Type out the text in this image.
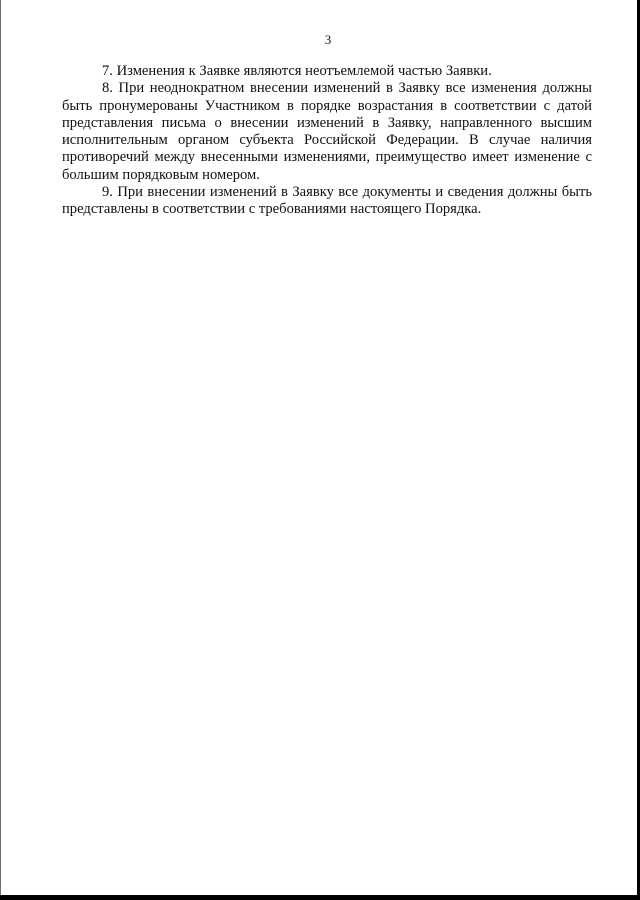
3

7. Изменения к Заявке являются неотъемлемой частью Заявки.

8. При неоднократном внесении изменений в Заявку все изменения должны быть пронумерованы Участником в порядке возрастания в соответствии с датой представления письма о внесении изменений в Заявку, направленного высшим исполнительным органом субъекта Российской Федерации. В случае наличия противоречий между внесенными изменениями, преимущество имеет изменение с большим порядковым номером.

9. При внесении изменений в Заявку все документы и сведения должны быть представлены в соответствии с требованиями настоящего Порядка.
